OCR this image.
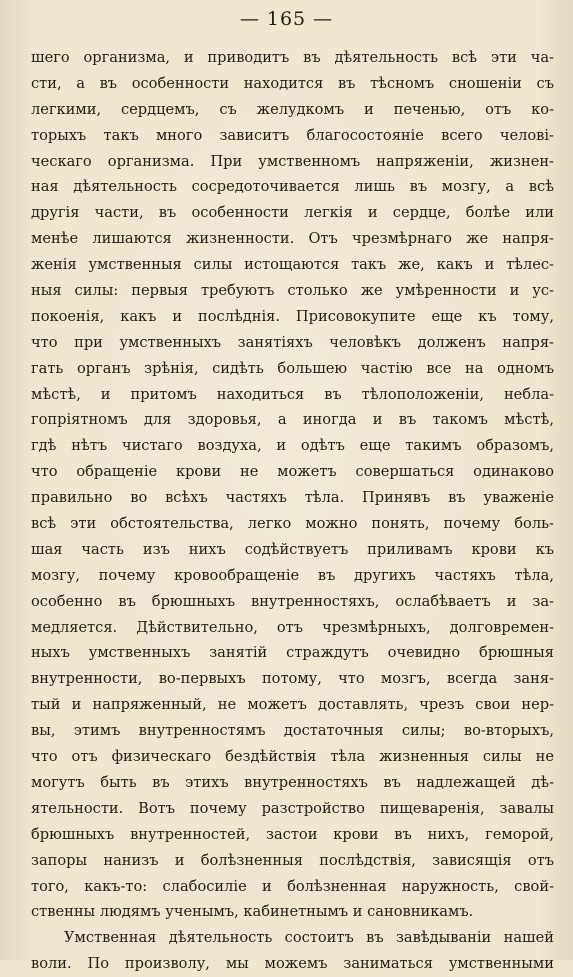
— 165 —
шего организма, и приводитъ въ дѣятельность всѣ эти ча-
сти, а въ особенности находится въ тѣсномъ сношеніи съ
легкими, сердцемъ, съ желудкомъ и печенью, отъ ко-
торыхъ такъ много зависитъ благосостояніе всего челові-
ческаго организма. При умственномъ напряженіи, жизнен-
ная дѣятельность сосредоточивается лишь въ мозгу, а всѣ
другія части, въ особенности легкія и сердце, болѣе или
менѣе лишаются жизненности. Отъ чрезмѣрнаго же напря-
женія умственныя силы истощаются такъ же, какъ и тѣлес-
ныя силы: первыя требуютъ столько же умѣренности и ус-
покоенія, какъ и послѣднія. Присовокупите еще къ тому,
что при умственныхъ занятіяхъ человѣкъ долженъ напря-
гать органъ зрѣнія, сидѣть большею частію все на одномъ
мѣстѣ, и притомъ находиться въ тѣлоположеніи, небла-
гопріятномъ для здоровья, а иногда и въ такомъ мѣстѣ,
гдѣ нѣтъ чистаго воздуха, и одѣтъ еще такимъ образомъ,
что обращеніе крови не можетъ совершаться одинаково
правильно во всѣхъ частяхъ тѣла. Принявъ въ уваженіе
всѣ эти обстоятельства, легко можно понять, почему боль-
шая часть изъ нихъ содѣйствуетъ приливамъ крови къ
мозгу, почему кровообращеніе въ другихъ частяхъ тѣла,
особенно въ брюшныхъ внутренностяхъ, ослабѣваетъ и за-
медляется. Дѣйствительно, отъ чрезмѣрныхъ, долговремен-
ныхъ умственныхъ занятій страждутъ очевидно брюшныя
внутренности, во-первыхъ потому, что мозгъ, всегда заня-
тый и напряженный, не можетъ доставлять, чрезъ свои нер-
вы, этимъ внутренностямъ достаточныя силы; во-вторыхъ,
что отъ физическаго бездѣйствія тѣла жизненныя силы не
могутъ быть въ этихъ внутренностяхъ въ надлежащей дѣ-
ятельности. Вотъ почему разстройство пищеваренія, завалы
брюшныхъ внутренностей, застои крови въ нихъ, геморой,
запоры нанизъ и болѣзненныя послѣдствія, зависящія отъ
того, какъ-то: слабосиліе и болѣзненная наружность, свой-
ственны людямъ ученымъ, кабинетнымъ и сановникамъ.
Умственная дѣятельность состоитъ въ завѣдываніи нашей
воли. По произволу, мы можемъ заниматься умственными
